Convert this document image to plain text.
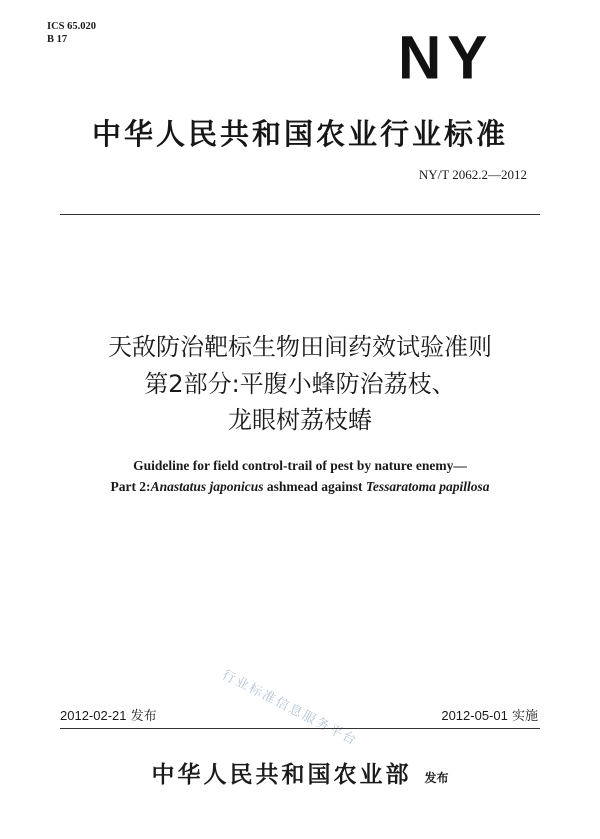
ICS 65.020
B 17	NY
中华人民共和国农业行业标准
NY/T 2062.2—2012
天敌防治靶标生物田间药效试验准则
第2部分:平腹小蜂防治荔枝、
龙眼树荔枝蝽
Guideline for field control-trail of pest by nature enemy—
Part 2:Anastatus japonicus ashmead against Tessaratoma papillosa
行业标准信息服务平台
2012-02-21 发布	2012-05-01 实施
中华人民共和国农业部 发布
